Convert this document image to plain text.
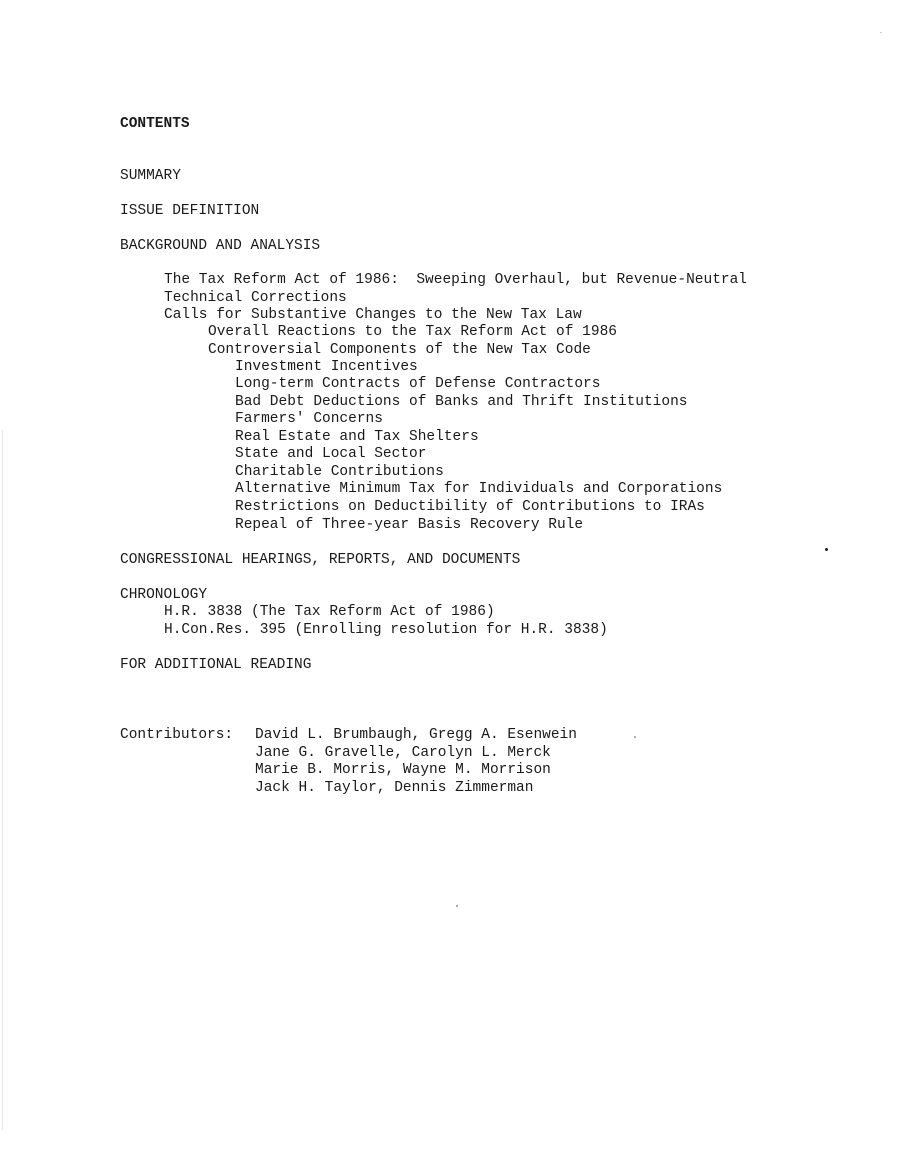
CONTENTS
SUMMARY
ISSUE DEFINITION
BACKGROUND AND ANALYSIS
The Tax Reform Act of 1986:  Sweeping Overhaul, but Revenue-Neutral
Technical Corrections
Calls for Substantive Changes to the New Tax Law
Overall Reactions to the Tax Reform Act of 1986
Controversial Components of the New Tax Code
Investment Incentives
Long-term Contracts of Defense Contractors
Bad Debt Deductions of Banks and Thrift Institutions
Farmers' Concerns
Real Estate and Tax Shelters
State and Local Sector
Charitable Contributions
Alternative Minimum Tax for Individuals and Corporations
Restrictions on Deductibility of Contributions to IRAs
Repeal of Three-year Basis Recovery Rule
CONGRESSIONAL HEARINGS, REPORTS, AND DOCUMENTS
CHRONOLOGY
H.R. 3838 (The Tax Reform Act of 1986)
H.Con.Res. 395 (Enrolling resolution for H.R. 3838)
FOR ADDITIONAL READING
Contributors: David L. Brumbaugh, Gregg A. Esenwein
Jane G. Gravelle, Carolyn L. Merck
Marie B. Morris, Wayne M. Morrison
Jack H. Taylor, Dennis Zimmerman
